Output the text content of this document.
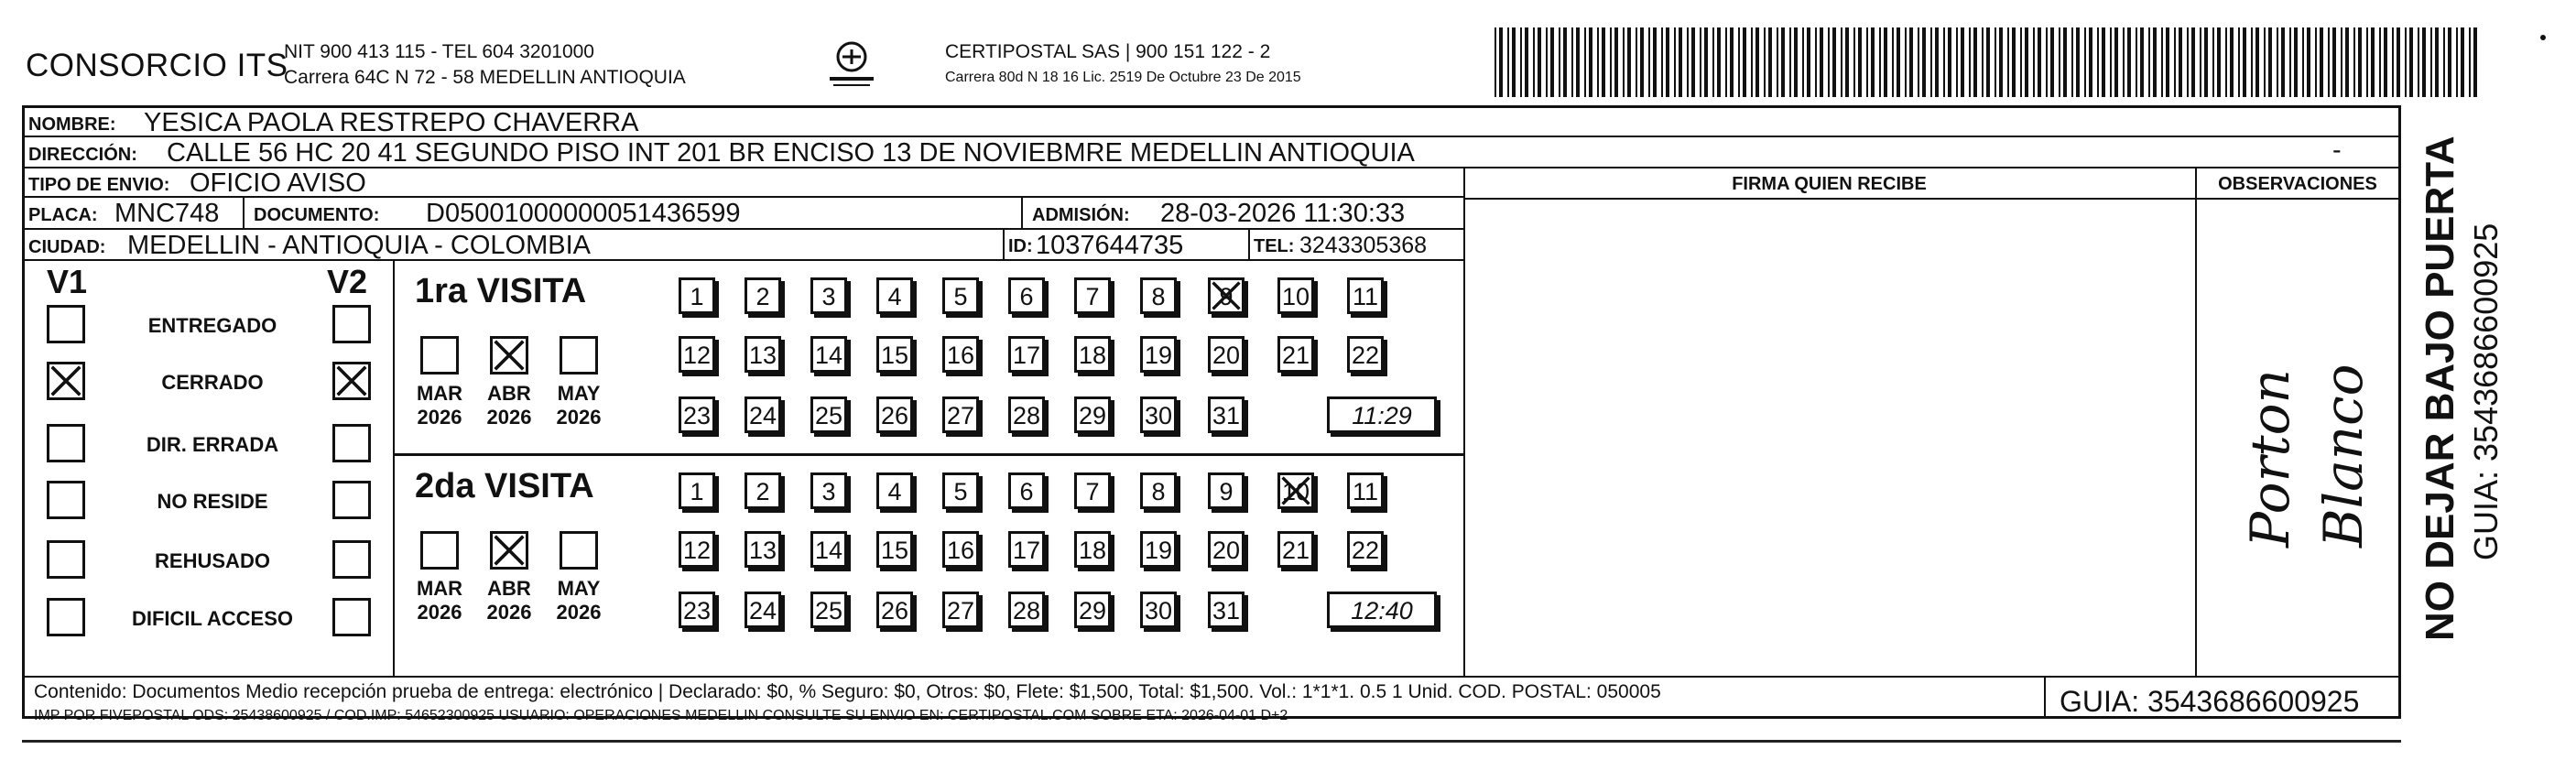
CONSORCIO ITS
NIT 900 413 115 - TEL 604 3201000
Carrera 64C N 72 - 58 MEDELLIN ANTIOQUIA
CERTIPOSTAL SAS | 900 151 122 - 2
Carrera 80d N 18 16 Lic. 2519 De Octubre 23 De 2015
NOMBRE: YESICA PAOLA RESTREPO CHAVERRA
DIRECCIÓN: CALLE 56 HC 20 41 SEGUNDO PISO INT 201 BR ENCISO 13 DE NOVIEBMRE MEDELLIN ANTIOQUIA	-
TIPO DE ENVIO: OFICIO AVISO
PLACA: MNC748 DOCUMENTO: D05001000000051436599	ADMISIÓN: 28-03-2026 11:30:33
CIUDAD: MEDELLIN - ANTIOQUIA - COLOMBIA	ID: 1037644735	TEL: 3243305368
FIRMA QUIEN RECIBE	OBSERVACIONES
Porton Blanco
V1	V2
ENTREGADO
CERRADO
DIR. ERRADA
NO RESIDE
REHUSADO
DIFICIL ACCESO
1ra VISITA
MAR
2026
ABR
2026
MAY
2026
1	2	3	4	5	6	7	8	9	10 11
12 13 14 15 16 17 18 19 20 21 22
23 24 25 26 27 28 29 30 31	11:29
2da VISITA
MAR
2026
ABR
2026
MAY
2026
1	2	3	4	5	6	7	8	9	10 11
12 13 14 15 16 17 18 19 20 21 22
23 24 25 26 27 28 29 30 31	12:40
Contenido: Documentos Medio recepción prueba de entrega: electrónico | Declarado: $0, % Seguro: $0, Otros: $0, Flete: $1,500, Total: $1,500. Vol.: 1*1*1. 0.5 1 Unid. COD. POSTAL: 050005
IMP POR FIVEPOSTAL ODS: 25438600925 / COD.IMP: 54652300925 USUARIO: OPERACIONES MEDELLIN CONSULTE SU ENVIO EN: CERTIPOSTAL.COM SOBRE ETA: 2026-04-01 D+2	GUIA: 3543686600925
NO DEJAR BAJO PUERTA GUIA: 3543686600925
